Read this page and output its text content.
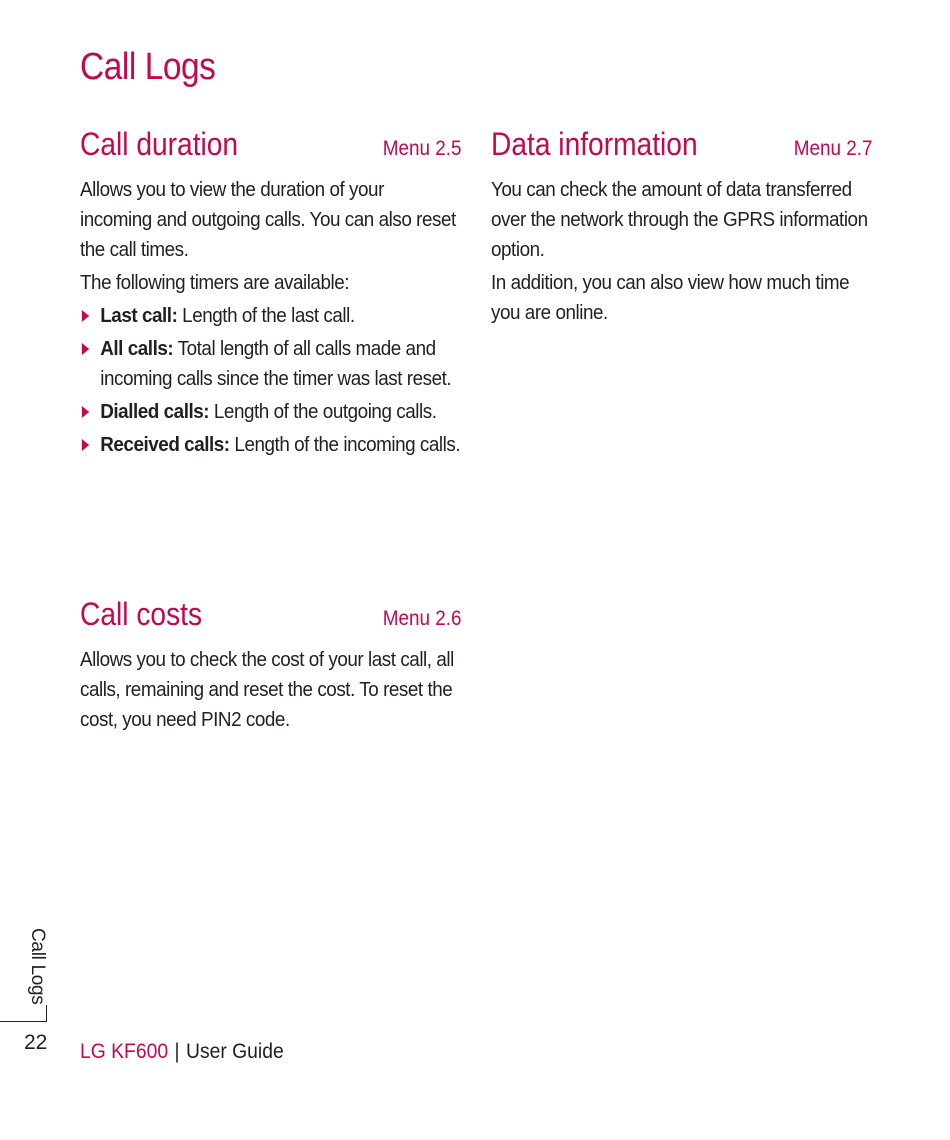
Call Logs
Call duration	Menu 2.5

Allows you to view the duration of your incoming and outgoing calls. You can also reset the call times.

The following timers are available:

Last call: Length of the last call.
All calls: Total length of all calls made and incoming calls since the timer was last reset.
Dialled calls: Length of the outgoing calls.
Received calls: Length of the incoming calls.
Call costs	Menu 2.6

Allows you to check the cost of your last call, all calls, remaining and reset the cost. To reset the cost, you need PIN2 code.

Data information	Menu 2.7

You can check the amount of data transferred over the network through the GPRS information option.

In addition, you can also view how much time you are online.

Call Logs
22 LG KF600 | User Guide
